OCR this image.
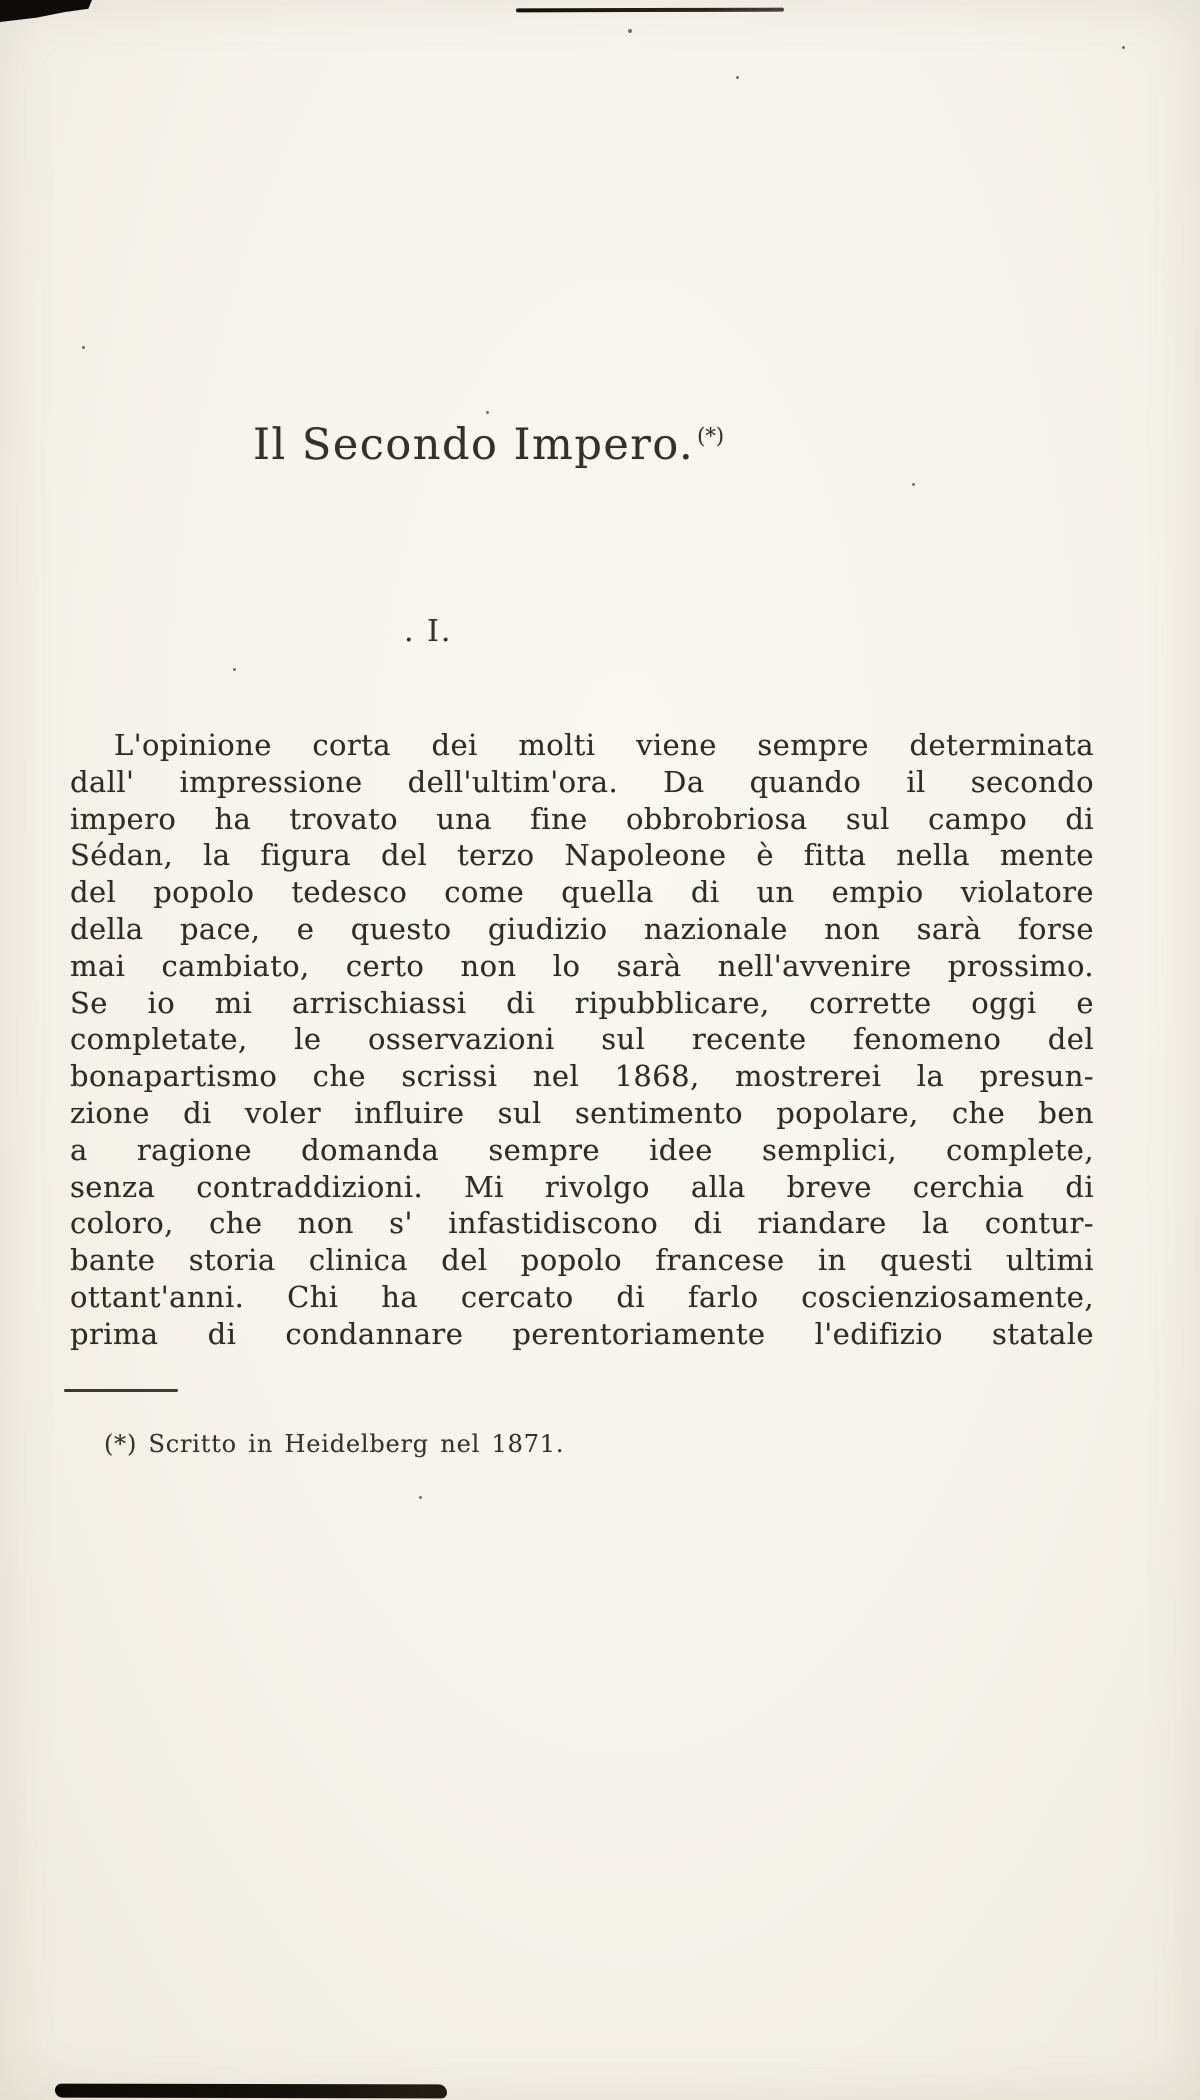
Il Secondo Impero. (*)
. I.
L'opinione corta dei molti viene sempre determinata
dall' impressione dell'ultim'ora. Da quando il secondo
impero ha trovato una fine obbrobriosa sul campo di
Sédan, la figura del terzo Napoleone è fitta nella mente
del popolo tedesco come quella di un empio violatore
della pace, e questo giudizio nazionale non sarà forse
mai cambiato, certo non lo sarà nell'avvenire prossimo.
Se io mi arrischiassi di ripubblicare, corrette oggi e
completate, le osservazioni sul recente fenomeno del
bonapartismo che scrissi nel 1868, mostrerei la presun-
zione di voler influire sul sentimento popolare, che ben
a ragione domanda sempre idee semplici, complete,
senza contraddizioni. Mi rivolgo alla breve cerchia di
coloro, che non s' infastidiscono di riandare la contur-
bante storia clinica del popolo francese in questi ultimi
ottant'anni. Chi ha cercato di farlo coscienziosamente,
prima di condannare perentoriamente l'edifizio statale
(*) Scritto in Heidelberg nel 1871.
